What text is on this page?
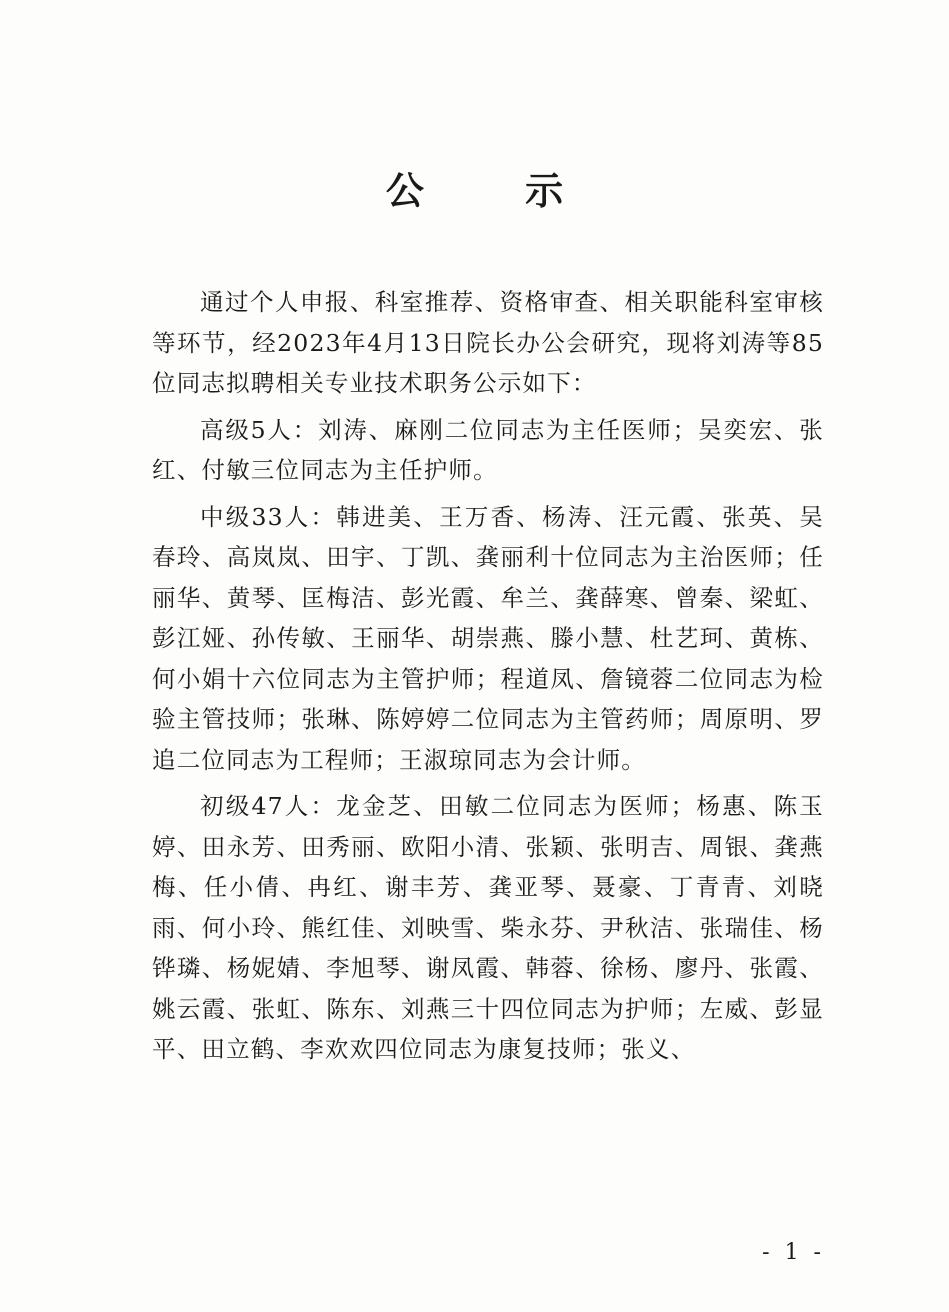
公 示

通过个人申报、科室推荐、资格审查、相关职能科室审核等环节，经2023年4月13日院长办公会研究，现将刘涛等85位同志拟聘相关专业技术职务公示如下：

高级5人：刘涛、麻刚二位同志为主任医师；吴奕宏、张红、付敏三位同志为主任护师。

中级33人：韩进美、王万香、杨涛、汪元霞、张英、吴春玲、高岚岚、田宇、丁凯、龚丽利十位同志为主治医师；任丽华、黄琴、匡梅洁、彭光霞、牟兰、龚薛寒、曾秦、梁虹、彭江娅、孙传敏、王丽华、胡崇燕、滕小慧、杜艺珂、黄栋、何小娟十六位同志为主管护师；程道凤、詹镜蓉二位同志为检验主管技师；张琳、陈婷婷二位同志为主管药师；周原明、罗追二位同志为工程师；王淑琼同志为会计师。

初级47人：龙金芝、田敏二位同志为医师；杨惠、陈玉婷、田永芳、田秀丽、欧阳小清、张颖、张明吉、周银、龚燕梅、任小倩、冉红、谢丰芳、龚亚琴、聂豪、丁青青、刘晓雨、何小玲、熊红佳、刘映雪、柴永芬、尹秋洁、张瑞佳、杨铧璘、杨妮婧、李旭琴、谢凤霞、韩蓉、徐杨、廖丹、张霞、姚云霞、张虹、陈东、刘燕三十四位同志为护师；左威、彭显平、田立鹤、李欢欢四位同志为康复技师；张义、

- 1 -
